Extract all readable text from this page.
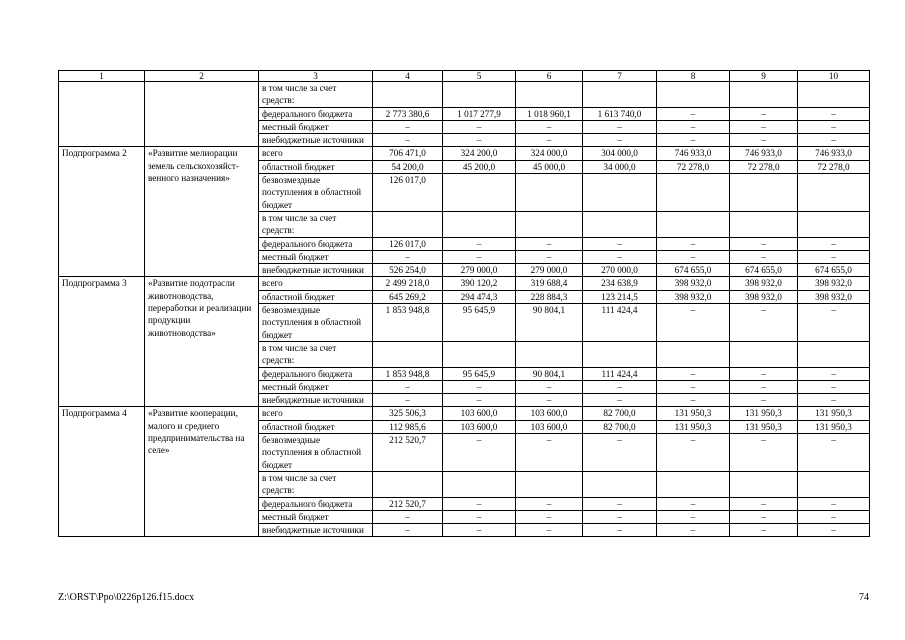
1	2	3	4	5	6	7	8	9	10
		в том числе за счет средств:							
		федерального бюджета	2 773 380,6	1 017 277,9	1 018 960,1	1 613 740,0	–	–	–
		местный бюджет	–	–	–	–	–	–	–
		внебюджетные источники	–	–	–	–	–	–	–
Подпрограмма 2	«Развитие мелиорации земель сельскохозяйст-венного назначения»	всего	706 471,0	324 200,0	324 000,0	304 000,0	746 933,0	746 933,0	746 933,0
		областной бюджет	54 200,0	45 200,0	45 000,0	34 000,0	72 278,0	72 278,0	72 278,0
		безвозмездные поступления в областной бюджет	126 017,0						
		в том числе за счет средств:							
		федерального бюджета	126 017,0	–	–	–	–	–	–
		местный бюджет	–	–	–	–	–	–	–
		внебюджетные источники	526 254,0	279 000,0	279 000,0	270 000,0	674 655,0	674 655,0	674 655,0
Подпрограмма 3	«Развитие подотрасли животноводства, переработки и реализации продукции животноводства»	всего	2 499 218,0	390 120,2	319 688,4	234 638,9	398 932,0	398 932,0	398 932,0
		областной бюджет	645 269,2	294 474,3	228 884,3	123 214,5	398 932,0	398 932,0	398 932,0
		безвозмездные поступления в областной бюджет	1 853 948,8	95 645,9	90 804,1	111 424,4	–	–	–
		в том числе за счет средств:							
		федерального бюджета	1 853 948,8	95 645,9	90 804,1	111 424,4	–	–	–
		местный бюджет	–	–	–	–	–	–	–
		внебюджетные источники	–	–	–	–	–	–	–
Подпрограмма 4	«Развитие кооперации, малого и среднего предпринимательства на селе»	всего	325 506,3	103 600,0	103 600,0	82 700,0	131 950,3	131 950,3	131 950,3
		областной бюджет	112 985,6	103 600,0	103 600,0	82 700,0	131 950,3	131 950,3	131 950,3
		безвозмездные поступления в областной бюджет	212 520,7	–	–	–	–	–	–
		в том числе за счет средств:							
		федерального бюджета	212 520,7	–	–	–	–	–	–
		местный бюджет	–	–	–	–	–	–	–
		внебюджетные источники	–	–	–	–	–	–	–
Z:\ORST\Ppo\0226p126.f15.docx	74
